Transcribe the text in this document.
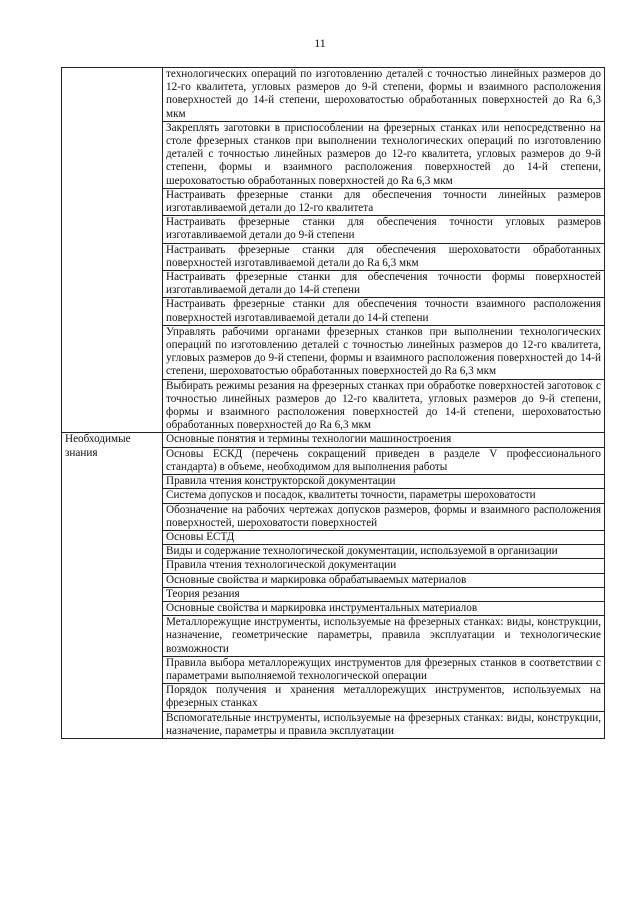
11
	технологических операций по изготовлению деталей с точностью линейных размеров до 12-го квалитета, угловых размеров до 9-й степени, формы и взаимного расположения поверхностей до 14-й степени, шероховатостью обработанных поверхностей до Ra 6,3 мкм
	Закреплять заготовки в приспособлении на фрезерных станках или непосредственно на столе фрезерных станков при выполнении технологических операций по изготовлению деталей с точностью линейных размеров до 12-го квалитета, угловых размеров до 9-й степени, формы и взаимного расположения поверхностей до 14-й степени, шероховатостью обработанных поверхностей до Ra 6,3 мкм
	Настраивать фрезерные станки для обеспечения точности линейных размеров изготавливаемой детали до 12-го квалитета
	Настраивать фрезерные станки для обеспечения точности угловых размеров изготавливаемой детали до 9-й степени
	Настраивать фрезерные станки для обеспечения шероховатости обработанных поверхностей изготавливаемой детали до Ra 6,3 мкм
	Настраивать фрезерные станки для обеспечения точности формы поверхностей изготавливаемой детали до 14-й степени
	Настраивать фрезерные станки для обеспечения точности взаимного расположения поверхностей изготавливаемой детали до 14-й степени
	Управлять рабочими органами фрезерных станков при выполнении технологических операций по изготовлению деталей с точностью линейных размеров до 12-го квалитета, угловых размеров до 9-й степени, формы и взаимного расположения поверхностей до 14-й степени, шероховатостью обработанных поверхностей до Ra 6,3 мкм
	Выбирать режимы резания на фрезерных станках при обработке поверхностей заготовок с точностью линейных размеров до 12-го квалитета, угловых размеров до 9-й степени, формы и взаимного расположения поверхностей до 14-й степени, шероховатостью обработанных поверхностей до Ra 6,3 мкм

Необходимые знания	Основные понятия и термины технологии машиностроения
	Основы ЕСКД (перечень сокращений приведен в разделе V профессионального стандарта) в объеме, необходимом для выполнения работы
	Правила чтения конструкторской документации
	Система допусков и посадок, квалитеты точности, параметры шероховатости
	Обозначение на рабочих чертежах допусков размеров, формы и взаимного расположения поверхностей, шероховатости поверхностей
	Основы ЕСТД
	Виды и содержание технологической документации, используемой в организации
	Правила чтения технологической документации
	Основные свойства и маркировка обрабатываемых материалов
	Теория резания
	Основные свойства и маркировка инструментальных материалов
	Металлорежущие инструменты, используемые на фрезерных станках: виды, конструкции, назначение, геометрические параметры, правила эксплуатации и технологические возможности
	Правила выбора металлорежущих инструментов для фрезерных станков в соответствии с параметрами выполняемой технологической операции
	Порядок получения и хранения металлорежущих инструментов, используемых на фрезерных станках
	Вспомогательные инструменты, используемые на фрезерных станках: виды, конструкции, назначение, параметры и правила эксплуатации
